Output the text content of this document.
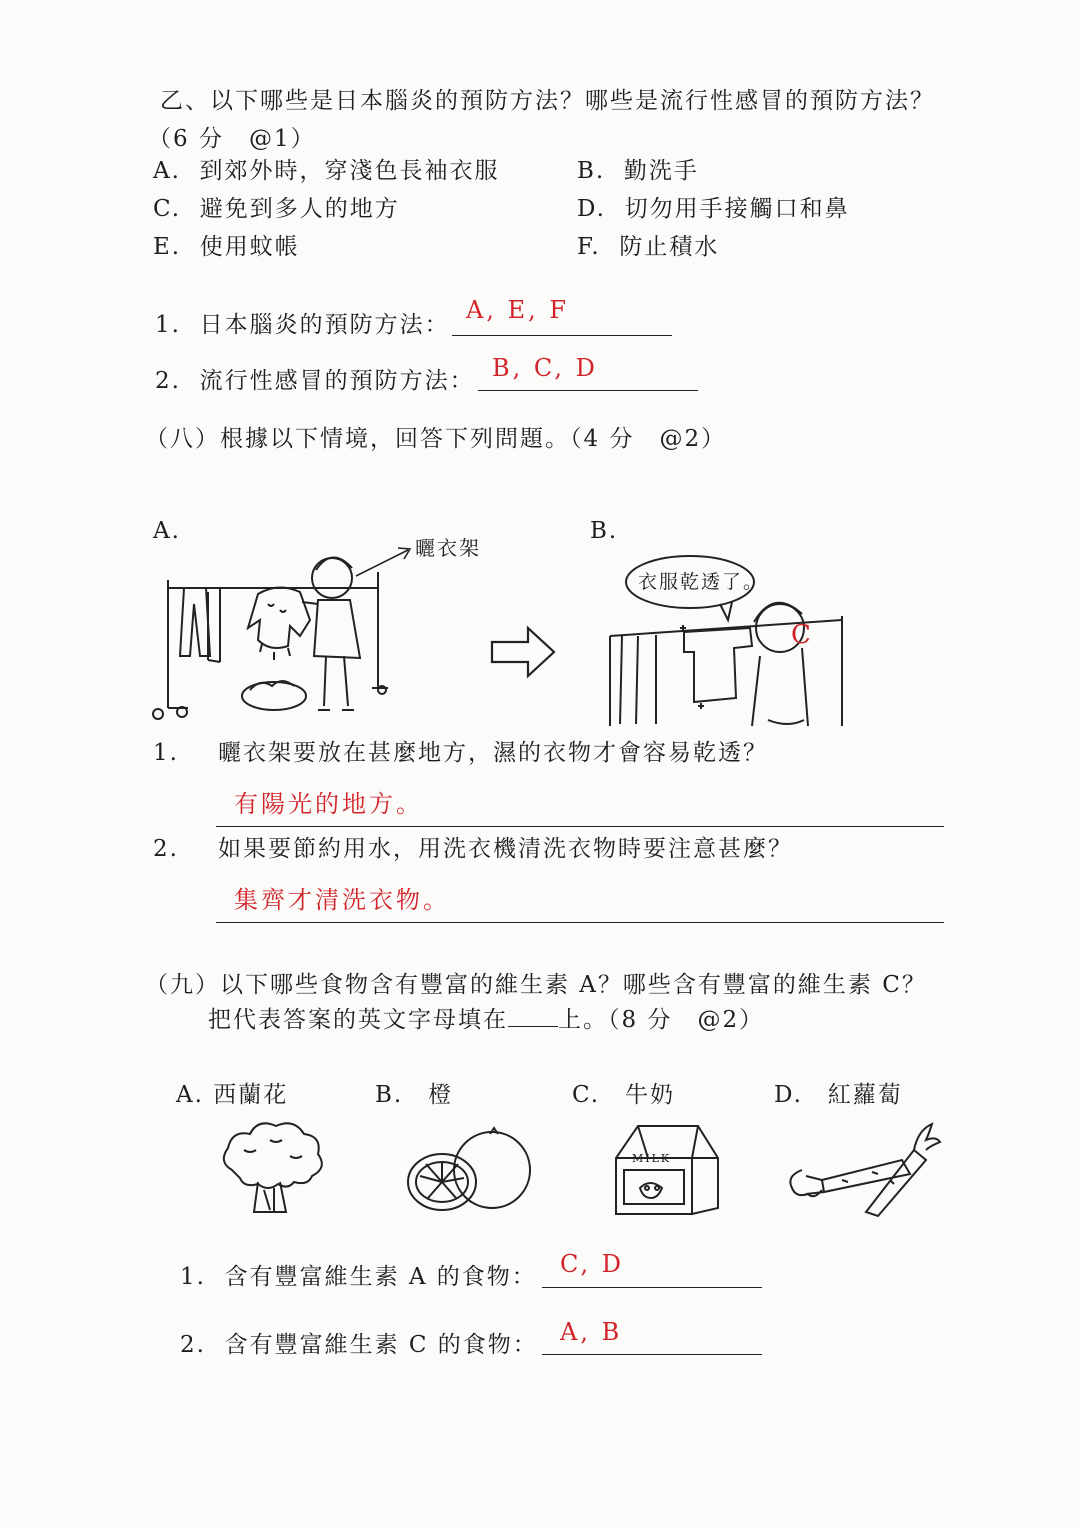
乙、以下哪些是日本腦炎的預防方法？哪些是流行性感冒的預防方法？
（6 分　@1）
A. 到郊外時，穿淺色長袖衣服	B. 勤洗手
C. 避免到多人的地方	D. 切勿用手接觸口和鼻
E. 使用蚊帳	F. 防止積水
1. 日本腦炎的預防方法：
A, E, F
2. 流行性感冒的預防方法： B, C, D
（八）根據以下情境，回答下列問題。（4 分　@2）
A.	B.
曬衣架
衣服乾透了。
C
1. 曬衣架要放在甚麼地方，濕的衣物才會容易乾透？
有陽光的地方。
2. 如果要節約用水，用洗衣機清洗衣物時要注意甚麼？
集齊才清洗衣物。
（九）以下哪些食物含有豐富的維生素 A？哪些含有豐富的維生素 C？
把代表答案的英文字母填在 上。（8 分　@2）
A. 西蘭花	B.　橙	C.　牛奶	D.　紅蘿蔔
MILK
1. 含有豐富維生素 A 的食物： C, D
2. 含有豐富維生素 C 的食物： A, B
